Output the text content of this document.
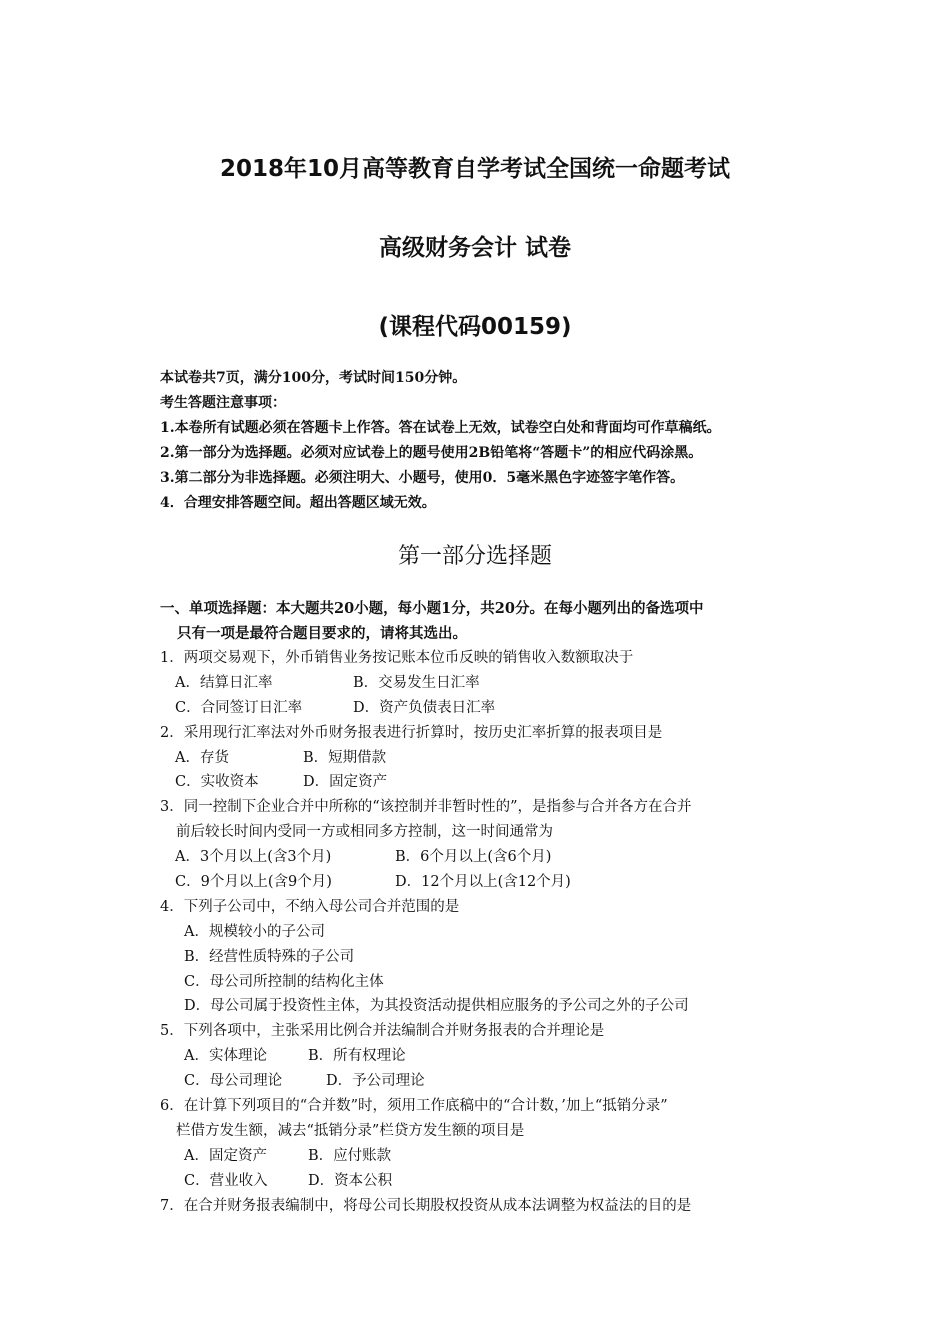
2018年10月高等教育自学考试全国统一命题考试
高级财务会计 试卷
(课程代码00159)
本试卷共7页，满分100分，考试时间150分钟。
考生答题注意事项：
1.本卷所有试题必须在答题卡上作答。答在试卷上无效，试卷空白处和背面均可作草稿纸。
2.第一部分为选择题。必须对应试卷上的题号使用2B铅笔将“答题卡”的相应代码涂黑。
3.第二部分为非选择题。必须注明大、小题号，使用0．5毫米黑色字迹签字笔作答。
4．合理安排答题空间。超出答题区域无效。
第一部分选择题
一、单项选择题：本大题共20小题，每小题1分，共20分。在每小题列出的备选项中
只有一项是最符合题目要求的，请将其选出。
1．两项交易观下，外币销售业务按记账本位币反映的销售收入数额取决于
A．结算日汇率	B．交易发生日汇率
C．合同签订日汇率	D．资产负债表日汇率
2．采用现行汇率法对外币财务报表进行折算时，按历史汇率折算的报表项目是
A．存货	B．短期借款
C．实收资本	D．固定资产
3．同一控制下企业合并中所称的“该控制并非暂时性的”，是指参与合并各方在合并
前后较长时间内受同一方或相同多方控制，这一时间通常为
A．3个月以上(含3个月)	B．6个月以上(含6个月)
C．9个月以上(含9个月)	D．12个月以上(含12个月)
4．下列子公司中，不纳入母公司合并范围的是
A．规模较小的子公司
B．经营性质特殊的子公司
C．母公司所控制的结构化主体
D．母公司属于投资性主体，为其投资活动提供相应服务的予公司之外的子公司
5．下列各项中，主张采用比例合并法编制合并财务报表的合并理论是
A．实体理论	B．所有权理论
C．母公司理论	D．予公司理论
6．在计算下列项目的“合并数”时，须用工作底稿中的“合计数，’加上“抵销分录”
栏借方发生额，减去“抵销分录”栏贷方发生额的项目是
A．固定资产	B．应付账款
C．营业收入	D．资本公积
7．在合并财务报表编制中，将母公司长期股权投资从成本法调整为权益法的目的是
